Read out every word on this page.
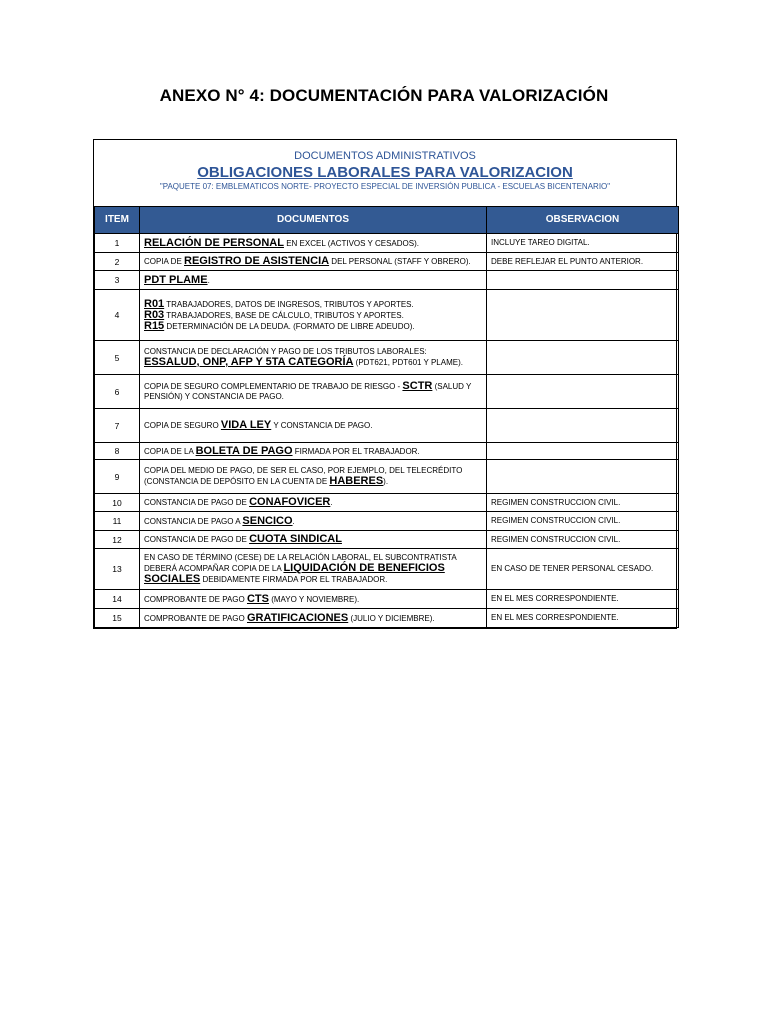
ANEXO N° 4: DOCUMENTACIÓN PARA VALORIZACIÓN
DOCUMENTOS ADMINISTRATIVOS
OBLIGACIONES LABORALES PARA VALORIZACION
"PAQUETE 07: EMBLEMATICOS NORTE- PROYECTO ESPECIAL DE INVERSIÓN PUBLICA - ESCUELAS BICENTENARIO"
ITEM	DOCUMENTOS	OBSERVACION
1	RELACIÓN DE PERSONAL EN EXCEL (ACTIVOS Y CESADOS).	INCLUYE TAREO DIGITAL.
2	COPIA DE REGISTRO DE ASISTENCIA DEL PERSONAL (STAFF Y OBRERO).	DEBE REFLEJAR EL PUNTO ANTERIOR.
3	PDT PLAME.	
4	R01 TRABAJADORES, DATOS DE INGRESOS, TRIBUTOS Y APORTES.
R03 TRABAJADORES, BASE DE CÁLCULO, TRIBUTOS Y APORTES.
R15 DETERMINACIÓN DE LA DEUDA. (FORMATO DE LIBRE ADEUDO).	

5	CONSTANCIA DE DECLARACIÓN Y PAGO DE LOS TRIBUTOS LABORALES:
ESSALUD, ONP, AFP Y 5TA CATEGORÍA (PDT621, PDT601 Y PLAME).	

6	COPIA DE SEGURO COMPLEMENTARIO DE TRABAJO DE RIESGO - SCTR (SALUD Y PENSIÓN) Y CONSTANCIA DE PAGO.	
7	COPIA DE SEGURO VIDA LEY Y CONSTANCIA DE PAGO.	
8	COPIA DE LA BOLETA DE PAGO FIRMADA POR EL TRABAJADOR.	
9	COPIA DEL MEDIO DE PAGO, DE SER EL CASO, POR EJEMPLO, DEL TELECRÉDITO
(CONSTANCIA DE DEPÓSITO EN LA CUENTA DE HABERES).	

10	CONSTANCIA DE PAGO DE CONAFOVICER.	REGIMEN CONSTRUCCION CIVIL.
11	CONSTANCIA DE PAGO A SENCICO.	REGIMEN CONSTRUCCION CIVIL.
12	CONSTANCIA DE PAGO DE CUOTA SINDICAL	REGIMEN CONSTRUCCION CIVIL.
13	EN CASO DE TÉRMINO (CESE) DE LA RELACIÓN LABORAL, EL SUBCONTRATISTA
DEBERÁ ACOMPAÑAR COPIA DE LA LIQUIDACIÓN DE BENEFICIOS
SOCIALES DEBIDAMENTE FIRMADA POR EL TRABAJADOR.	EN CASO DE TENER PERSONAL CESADO.
14	COMPROBANTE DE PAGO CTS (MAYO Y NOVIEMBRE).	EN EL MES CORRESPONDIENTE.
15	COMPROBANTE DE PAGO GRATIFICACIONES (JULIO Y DICIEMBRE).	EN EL MES CORRESPONDIENTE.
